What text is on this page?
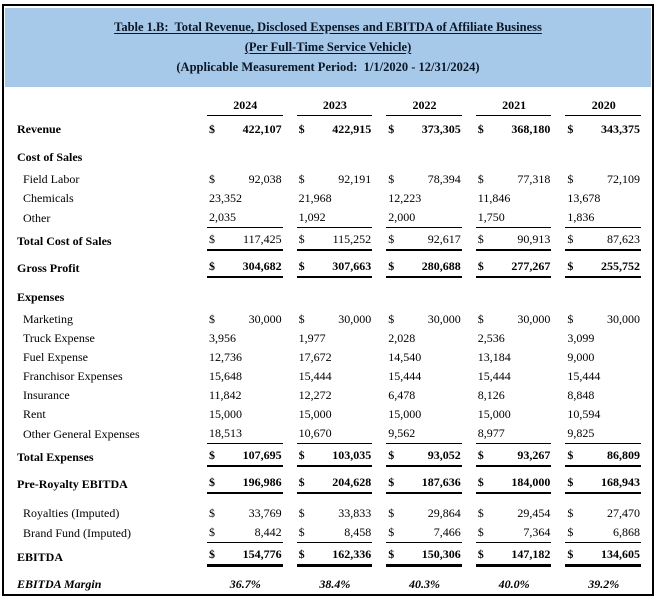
Table 1.B:  Total Revenue, Disclosed Expenses and EBITDA of Affiliate Business
(Per Full-Time Service Vehicle)
(Applicable Measurement Period:  1/1/2020 - 12/31/2024)
2024	2023	2022	2021	2020
Revenue	$ 422,107 $ 422,915 $ 373,305 $ 368,180 $ 343,375
Cost of Sales
Field Labor	$	92,038 $	92,191 $	78,394 $	77,318 $	72,109
Chemicals	23,352	21,968	12,223	11,846	13,678
Other	2,035	1,092	2,000	1,750	1,836
Total Cost of Sales	$ 117,425 $ 115,252 $	92,617 $	90,913 $	87,623
Gross Profit	$ 304,682 $ 307,663 $ 280,688 $ 277,267 $ 255,752
Expenses
Marketing	$	30,000 $	30,000 $	30,000 $	30,000 $	30,000
Truck Expense	3,956	1,977	2,028	2,536	3,099
Fuel Expense	12,736	17,672	14,540	13,184	9,000
Franchisor Expenses	15,648	15,444	15,444	15,444	15,444
Insurance	11,842	12,272	6,478	8,126	8,848
Rent	15,000	15,000	15,000	15,000	10,594
Other General Expenses	18,513	10,670	9,562	8,977	9,825
Total Expenses	$ 107,695 $ 103,035 $	93,052 $	93,267 $	86,809
Pre-Royalty EBITDA	$ 196,986 $ 204,628 $ 187,636 $ 184,000 $ 168,943
Royalties (Imputed)	$	33,769 $	33,833 $	29,864 $	29,454 $	27,470
Brand Fund (Imputed)	$	8,442 $	8,458 $	7,466 $	7,364 $	6,868
EBITDA	$ 154,776 $ 162,336 $ 150,306 $ 147,182 $ 134,605
EBITDA Margin	36.7%	38.4%	40.3%	40.0%	39.2%
